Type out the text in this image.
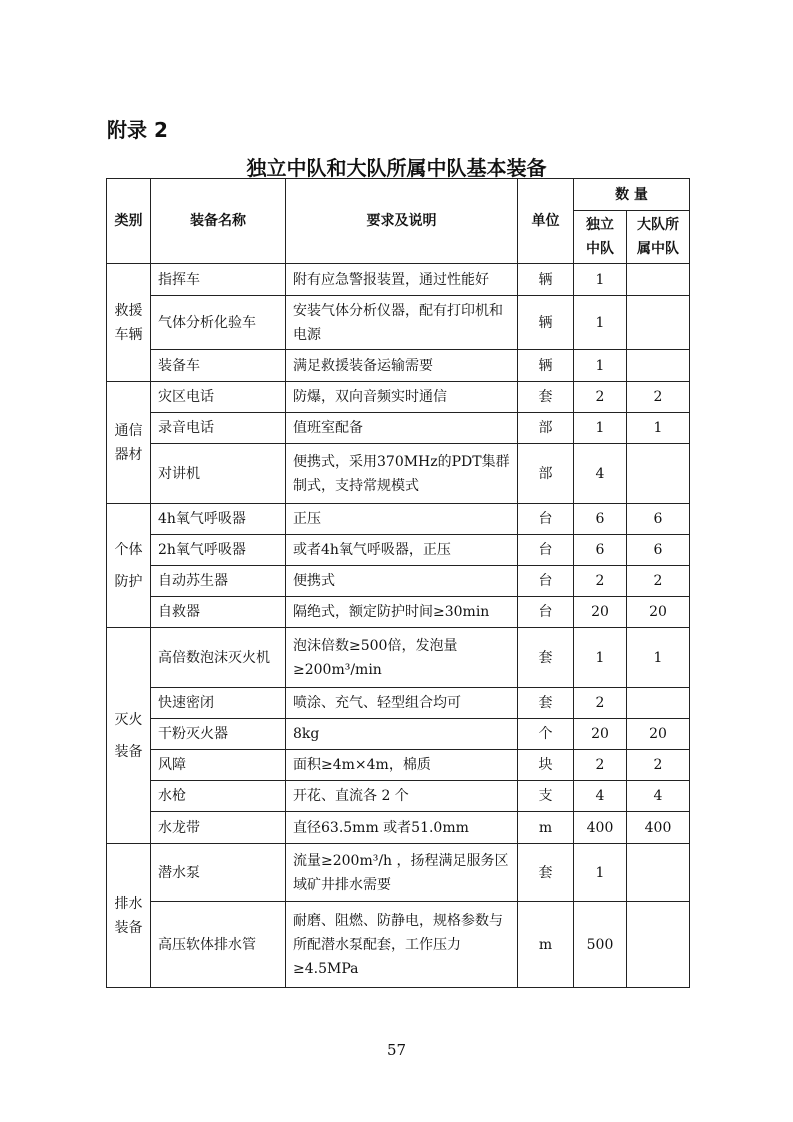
附录 2
独立中队和大队所属中队基本装备
类别	装备名称	要求及说明	单位	数 量	
				独立中队	大队所属中队
救援车辆	指挥车	附有应急警报装置，通过性能好	辆	1	
	气体分析化验车	安装气体分析仪器，配有打印机和电源	辆	1	
	装备车	满足救援装备运输需要	辆	1	
通信器材	灾区电话	防爆，双向音频实时通信	套	2	2
	录音电话	值班室配备	部	1	1
	对讲机	便携式，采用370MHz的PDT集群制式，支持常规模式	部	4	
个体防护	4h氧气呼吸器	正压	台	6	6
	2h氧气呼吸器	或者4h氧气呼吸器，正压	台	6	6
	自动苏生器	便携式	台	2	2
	自救器	隔绝式，额定防护时间≥30min	台	20	20
灭火装备	高倍数泡沫灭火机	泡沫倍数≥500倍，发泡量≥200m³/min	套	1	1
	快速密闭	喷涂、充气、轻型组合均可	套	2	
	干粉灭火器	8kg	个	20	20
	风障	面积≥4m×4m，棉质	块	2	2
	水枪	开花、直流各 2 个	支	4	4
	水龙带	直径63.5mm 或者51.0mm	m	400	400
排水装备	潜水泵	流量≥200m³/h ，扬程满足服务区域矿井排水需要	套	1	
	高压软体排水管	耐磨、阻燃、防静电，规格参数与所配潜水泵配套，工作压力≥4.5MPa	m	500	
57
